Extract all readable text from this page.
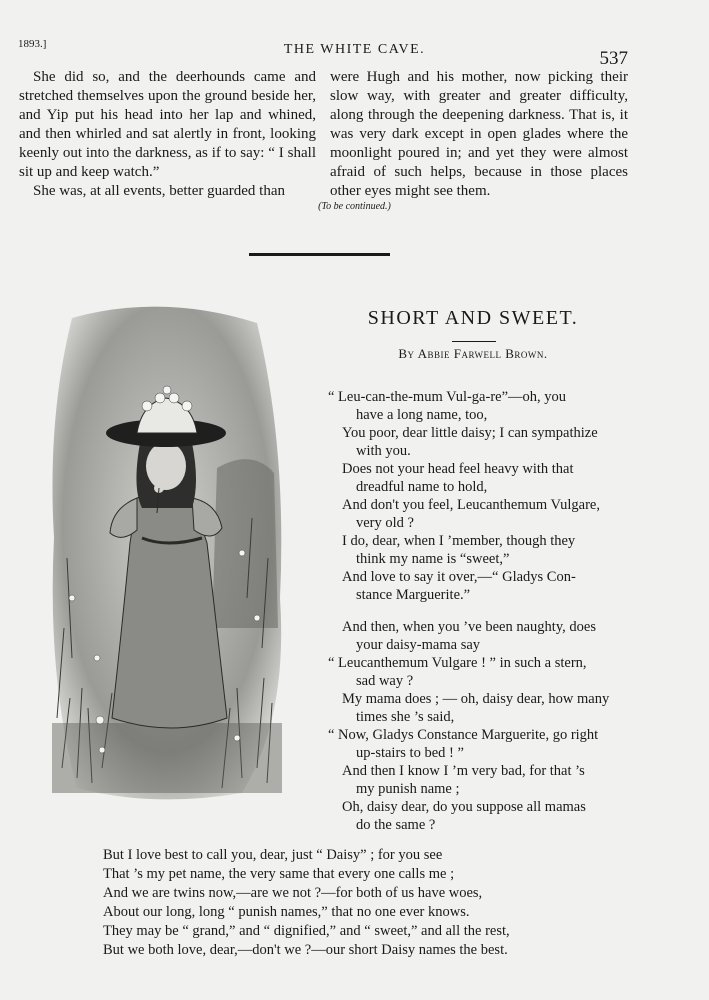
1893.]	THE WHITE CAVE.	537

She did so, and the deerhounds came and stretched themselves upon the ground beside her, and Yip put his head into her lap and whined, and then whirled and sat alertly in front, looking keenly out into the darkness, as if to say: “ I shall sit up and keep watch.”

She was, at all events, better guarded than

were Hugh and his mother, now picking their slow way, with greater and greater difficulty, along through the deepening darkness. That is, it was very dark except in open glades where the moonlight poured in; and yet they were almost afraid of such helps, because in those places other eyes might see them.

(To be continued.)
SHORT AND SWEET.
By Abbie Farwell Brown.
“ Leu-can-the-mum Vul-ga-re”—oh, you
have a long name, too,
You poor, dear little daisy; I can sympathize
with you.
Does not your head feel heavy with that
dreadful name to hold,
And don't you feel, Leucanthemum Vulgare,
very old ?
I do, dear, when I ’member, though they
think my name is “sweet,”
And love to say it over,—“ Gladys Con-
stance Marguerite.”
And then, when you ’ve been naughty, does
your daisy-mama say
“ Leucanthemum Vulgare ! ” in such a stern,
sad way ?
My mama does ; — oh, daisy dear, how many
times she ’s said,
“ Now, Gladys Constance Marguerite, go right
up-stairs to bed ! ”
And then I know I ’m very bad, for that ’s
my punish name ;
Oh, daisy dear, do you suppose all mamas
do the same ?
But I love best to call you, dear, just “ Daisy” ; for you see
That ’s my pet name, the very same that every one calls me ;
And we are twins now,—are we not ?—for both of us have woes,
About our long, long “ punish names,” that no one ever knows.
They may be “ grand,” and “ dignified,” and “ sweet,” and all the rest,
But we both love, dear,—don't we ?—our short Daisy names the best.
